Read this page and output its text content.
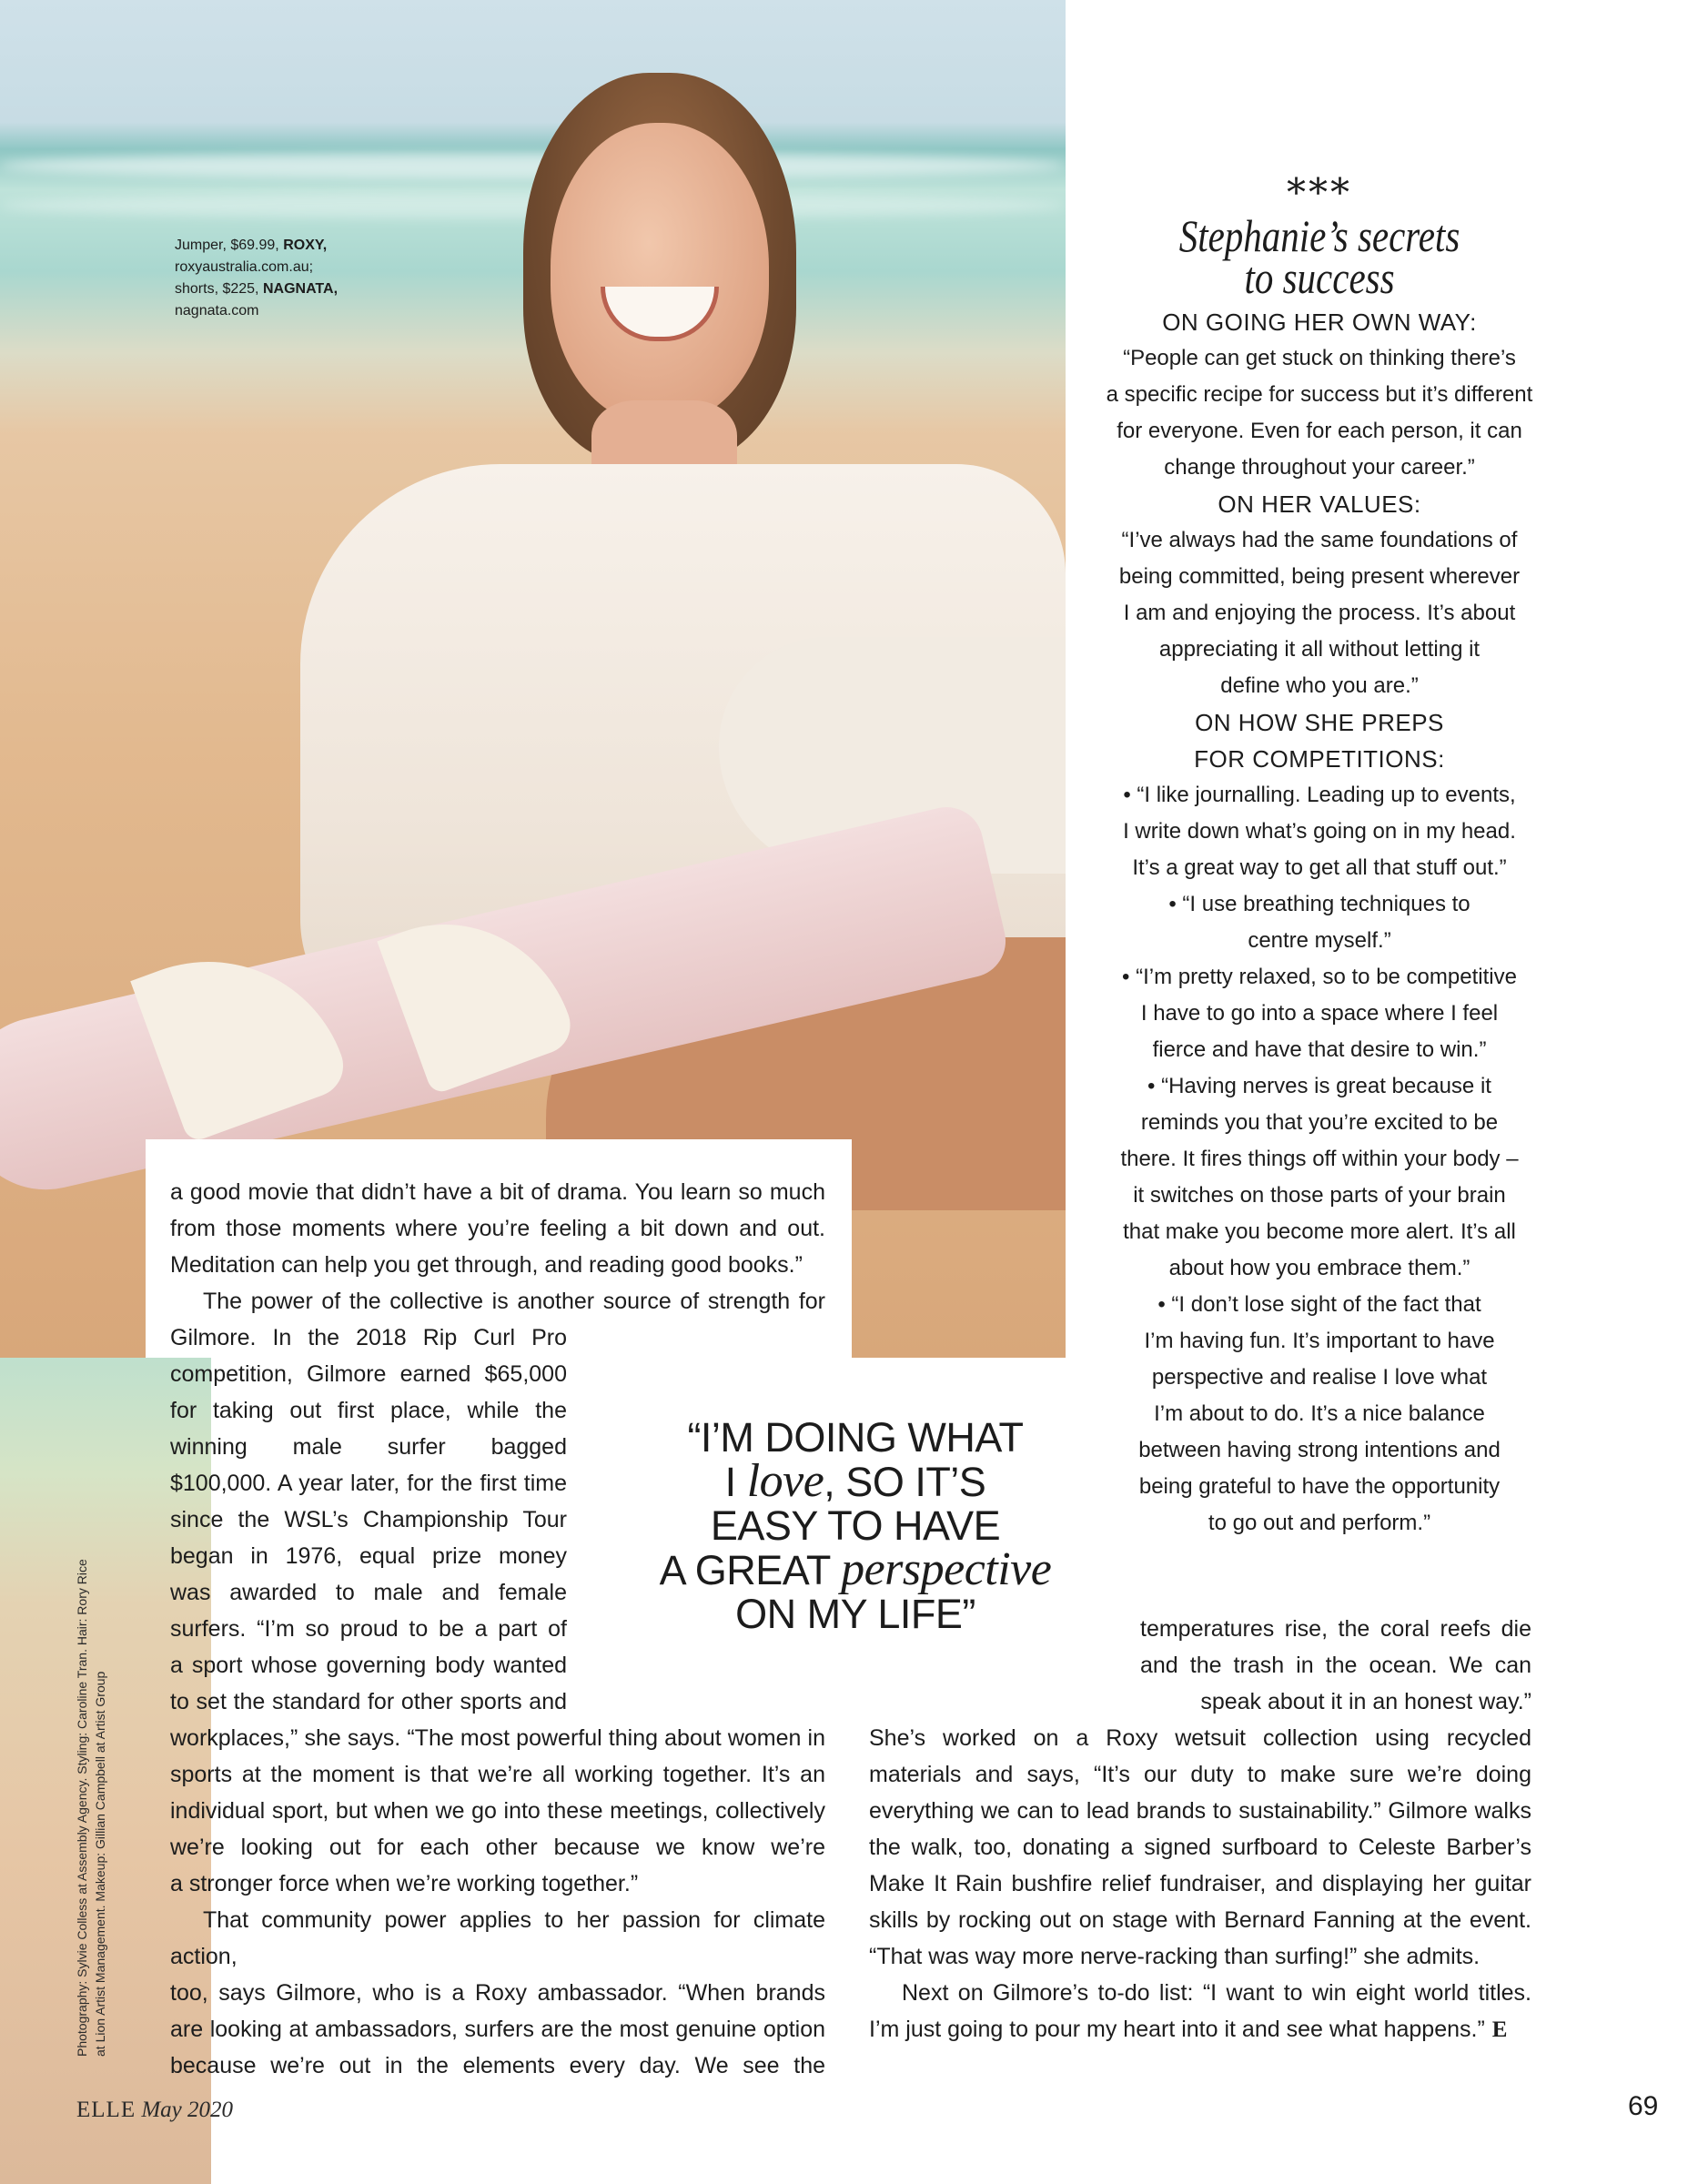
Jumper, $69.99, ROXY,
roxyaustralia.com.au;
shorts, $225, NAGNATA,
nagnata.com
***
Stephanie’s secrets
to success
ON GOING HER OWN WAY:
“People can get stuck on thinking there’s
a specific recipe for success but it’s different
for everyone. Even for each person, it can
change throughout your career.”
ON HER VALUES:
“I’ve always had the same foundations of
being committed, being present wherever
I am and enjoying the process. It’s about
appreciating it all without letting it
define who you are.”
ON HOW SHE PREPS
FOR COMPETITIONS:
• “I like journalling. Leading up to events,
I write down what’s going on in my head.
It’s a great way to get all that stuff out.”
• “I use breathing techniques to
centre myself.”
• “I’m pretty relaxed, so to be competitive
I have to go into a space where I feel
fierce and have that desire to win.”
• “Having nerves is great because it
reminds you that you’re excited to be
there. It fires things off within your body –
it switches on those parts of your brain
that make you become more alert. It’s all
about how you embrace them.”
• “I don’t lose sight of the fact that
I’m having fun. It’s important to have
perspective and realise I love what
I’m about to do. It’s a nice balance
between having strong intentions and
being grateful to have the opportunity
to go out and perform.”

a good movie that didn’t have a bit of drama. You learn so much

from those moments where you’re feeling a bit down and out.

Meditation can help you get through, and reading good books.”

The power of the collective is another source of strength for

Gilmore. In the 2018 Rip Curl Pro

competition, Gilmore earned $65,000

for taking out first place, while the

winning male surfer bagged

$100,000. A year later, for the first time

since the WSL’s Championship Tour

began in 1976, equal prize money

was awarded to male and female

surfers. “I’m so proud to be a part of

a sport whose governing body wanted

to set the standard for other sports and

workplaces,” she says. “The most powerful thing about women in

sports at the moment is that we’re all working together. It’s an

individual sport, but when we go into these meetings, collectively

we’re looking out for each other because we know we’re

a stronger force when we’re working together.”

That community power applies to her passion for climate action,

too, says Gilmore, who is a Roxy ambassador. “When brands

are looking at ambassadors, surfers are the most genuine option

because we’re out in the elements every day. We see the

“I’M DOING WHAT
I love, SO IT’S
EASY TO HAVE
A GREAT perspective
ON MY LIFE”	temperatures rise, the coral reefs die

and the trash in the ocean. We can

speak about it in an honest way.”

She’s worked on a Roxy wetsuit collection using recycled

materials and says, “It’s our duty to make sure we’re doing

everything we can to lead brands to sustainability.” Gilmore walks

the walk, too, donating a signed surfboard to Celeste Barber’s

Make It Rain bushfire relief fundraiser, and displaying her guitar

skills by rocking out on stage with Bernard Fanning at the event.

“That was way more nerve-racking than surfing!” she admits.

Next on Gilmore’s to-do list: “I want to win eight world titles.

I’m just going to pour my heart into it and see what happens.” E

Photography: Sylvie Colless at Assembly Agency. Styling: Caroline Tran. Hair: Rory Rice at Lion Artist Management. Makeup: Gillian Campbell at Artist Group
ELLE May 2020	69
